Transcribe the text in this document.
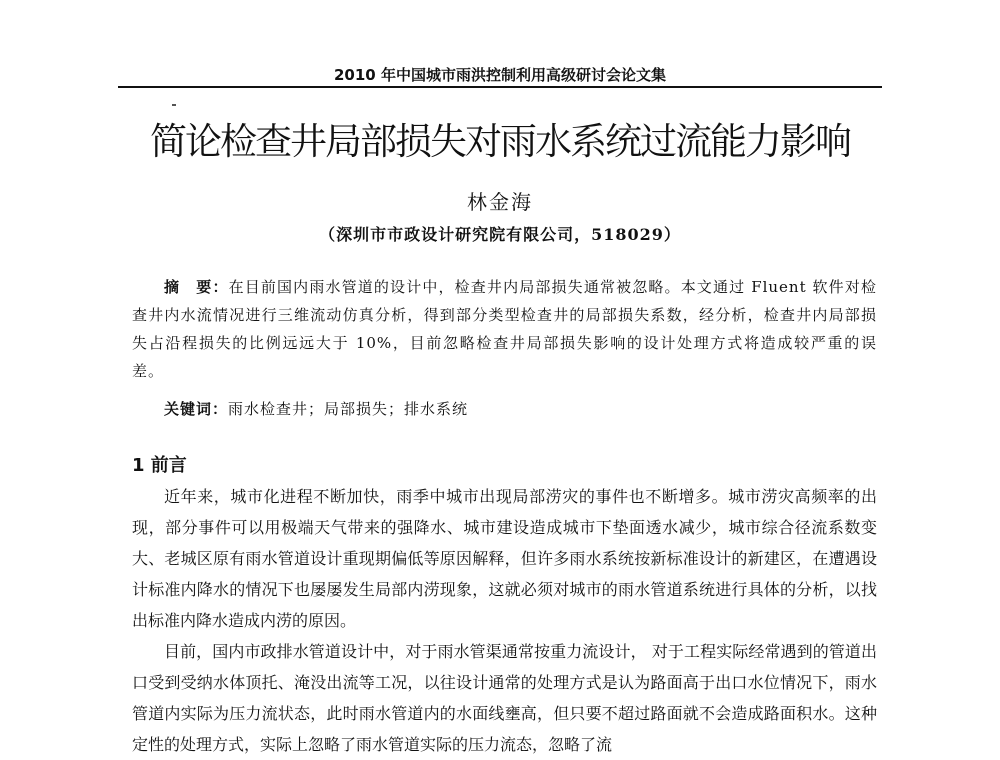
2010 年中国城市雨洪控制利用高级研讨会论文集
简论检查井局部损失对雨水系统过流能力影响
林金海
（深圳市市政设计研究院有限公司，518029）
摘　要：在目前国内雨水管道的设计中，检查井内局部损失通常被忽略。本文通过 Fluent 软件对检查井内水流情况进行三维流动仿真分析，得到部分类型检查井的局部损失系数，经分析，检查井内局部损失占沿程损失的比例远远大于 10%，目前忽略检查井局部损失影响的设计处理方式将造成较严重的误差。
关键词：雨水检查井；局部损失；排水系统
1 前言

近年来，城市化进程不断加快，雨季中城市出现局部涝灾的事件也不断增多。城市涝灾高频率的出现，部分事件可以用极端天气带来的强降水、城市建设造成城市下垫面透水减少，城市综合径流系数变大、老城区原有雨水管道设计重现期偏低等原因解释，但许多雨水系统按新标准设计的新建区，在遭遇设计标准内降水的情况下也屡屡发生局部内涝现象，这就必须对城市的雨水管道系统进行具体的分析，以找出标准内降水造成内涝的原因。

目前，国内市政排水管道设计中，对于雨水管渠通常按重力流设计， 对于工程实际经常遇到的管道出口受到受纳水体顶托、淹没出流等工况，以往设计通常的处理方式是认为路面高于出口水位情况下，雨水管道内实际为压力流状态，此时雨水管道内的水面线壅高，但只要不超过路面就不会造成路面积水。这种定性的处理方式，实际上忽略了雨水管道实际的压力流态，忽略了流
